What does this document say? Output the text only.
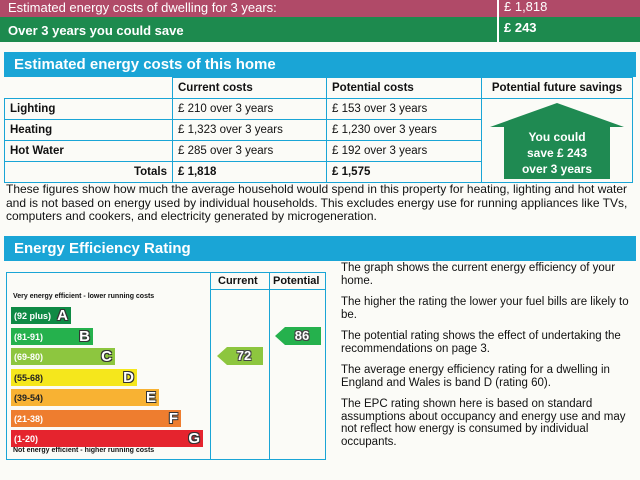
Estimated energy costs of dwelling for 3 years:	£ 1,818
Over 3 years you could save	£ 243
Estimated energy costs of this home
	Current costs	Potential costs	Potential future savings
Lighting	£ 210 over 3 years	£ 153 over 3 years	You could
save £ 243
over 3 years

Heating	£ 1,323 over 3 years	£ 1,230 over 3 years	
Hot Water	£ 285 over 3 years	£ 192 over 3 years	
Totals	£ 1,818	£ 1,575	
These figures show how much the average household would spend in this property for heating, lighting and hot water and is not based on energy used by individual households. This excludes energy use for running appliances like TVs, computers and cookers, and electricity generated by microgeneration.
Energy Efficiency Rating
Current Potential
Very energy efficient - lower running costs
Not energy efficient - higher running costs
(92 plus) A
(81-91) B
(69-80)	C
(55-68)	D
(39-54)	E
(21-38)	F
(1-20)	G
72
86

The graph shows the current energy efficiency of your home.

The higher the rating the lower your fuel bills are likely to be.

The potential rating shows the effect of undertaking the recommendations on page 3.

The average energy efficiency rating for a dwelling in England and Wales is band D (rating 60).

The EPC rating shown here is based on standard assumptions about occupancy and energy use and may not reflect how energy is consumed by individual occupants.
